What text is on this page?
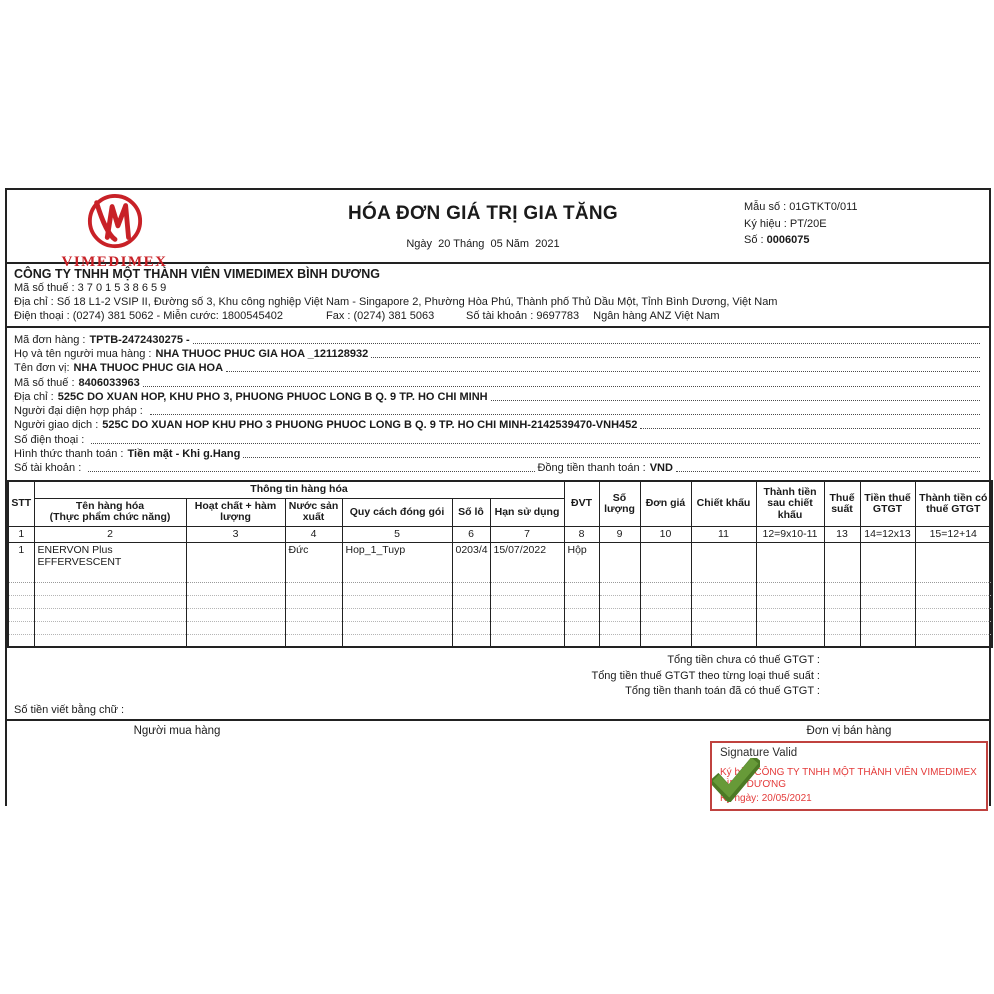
VIMEDIMEX
HÓA ĐƠN GIÁ TRỊ GIA TĂNG
Ngày  20 Tháng  05 Năm  2021
Mẫu số : 01GTKT0/011
Ký hiệu : PT/20E
Số : 0006075
CÔNG TY TNHH MỘT THÀNH VIÊN VIMEDIMEX BÌNH DƯƠNG
Mã số thuế : 3 7 0 1 5 3 8 6 5 9
Địa chỉ : Số 18 L1-2 VSIP II, Đường số 3, Khu công nghiệp Việt Nam - Singapore 2, Phường Hòa Phú, Thành phố Thủ Dầu Một, Tỉnh Bình Dương, Việt Nam
Điện thoại : (0274) 381 5062 - Miễn cước: 1800545402	Fax : (0274) 381 5063	Số tài khoản : 9697783 Ngân hàng ANZ Việt Nam
Mã đơn hàng : TPTB-2472430275 -
Họ và tên người mua hàng : NHA THUOC PHUC GIA HOA _121128932
Tên đơn vị: NHA THUOC PHUC GIA HOA
Mã số thuế : 8406033963
Địa chỉ : 525C DO XUAN HOP, KHU PHO 3, PHUONG PHUOC LONG B Q. 9 TP. HO CHI MINH
Người đại diện hợp pháp :
Người giao dịch : 525C DO XUAN HOP KHU PHO 3 PHUONG PHUOC LONG B Q. 9 TP. HO CHI MINH-2142539470-VNH452
Số điện thoại :
Hình thức thanh toán : Tiền mặt - Khi g.Hang
Số tài khoản :	Đồng tiền thanh toán : VND
STT	Thông tin hàng hóa						ĐVT	Số lượng	Đơn giá	Chiết khấu	Thành tiền sau chiết khấu	Thuế suất	Tiền thuế GTGT	Thành tiền có thuế GTGT

	Tên hàng hóa
(Thực phẩm chức năng)	Hoạt chất + hàm lượng	Nước sản xuất	Quy cách đóng gói	Số lô	Hạn sử dụng								
1	2	3	4	5	6	7	8	9	10	11	12=9x10-11	13	14=12x13	15=12+14
1	ENERVON Plus
EFFERVESCENT		Đức	Hop_1_Tuyp	0203/4	15/07/2022	Hộp							

Tổng tiền chưa có thuế GTGT :
Tổng tiền thuế GTGT theo từng loại thuế suất :
Tổng tiền thanh toán đã có thuế GTGT :
Số tiền viết bằng chữ :
Người mua hàng	Đơn vị bán hàng
Signature Valid
Ký bởi: CÔNG TY TNHH MỘT THÀNH VIÊN VIMEDIMEX BÌNH DƯƠNG
Ký ngày: 20/05/2021
